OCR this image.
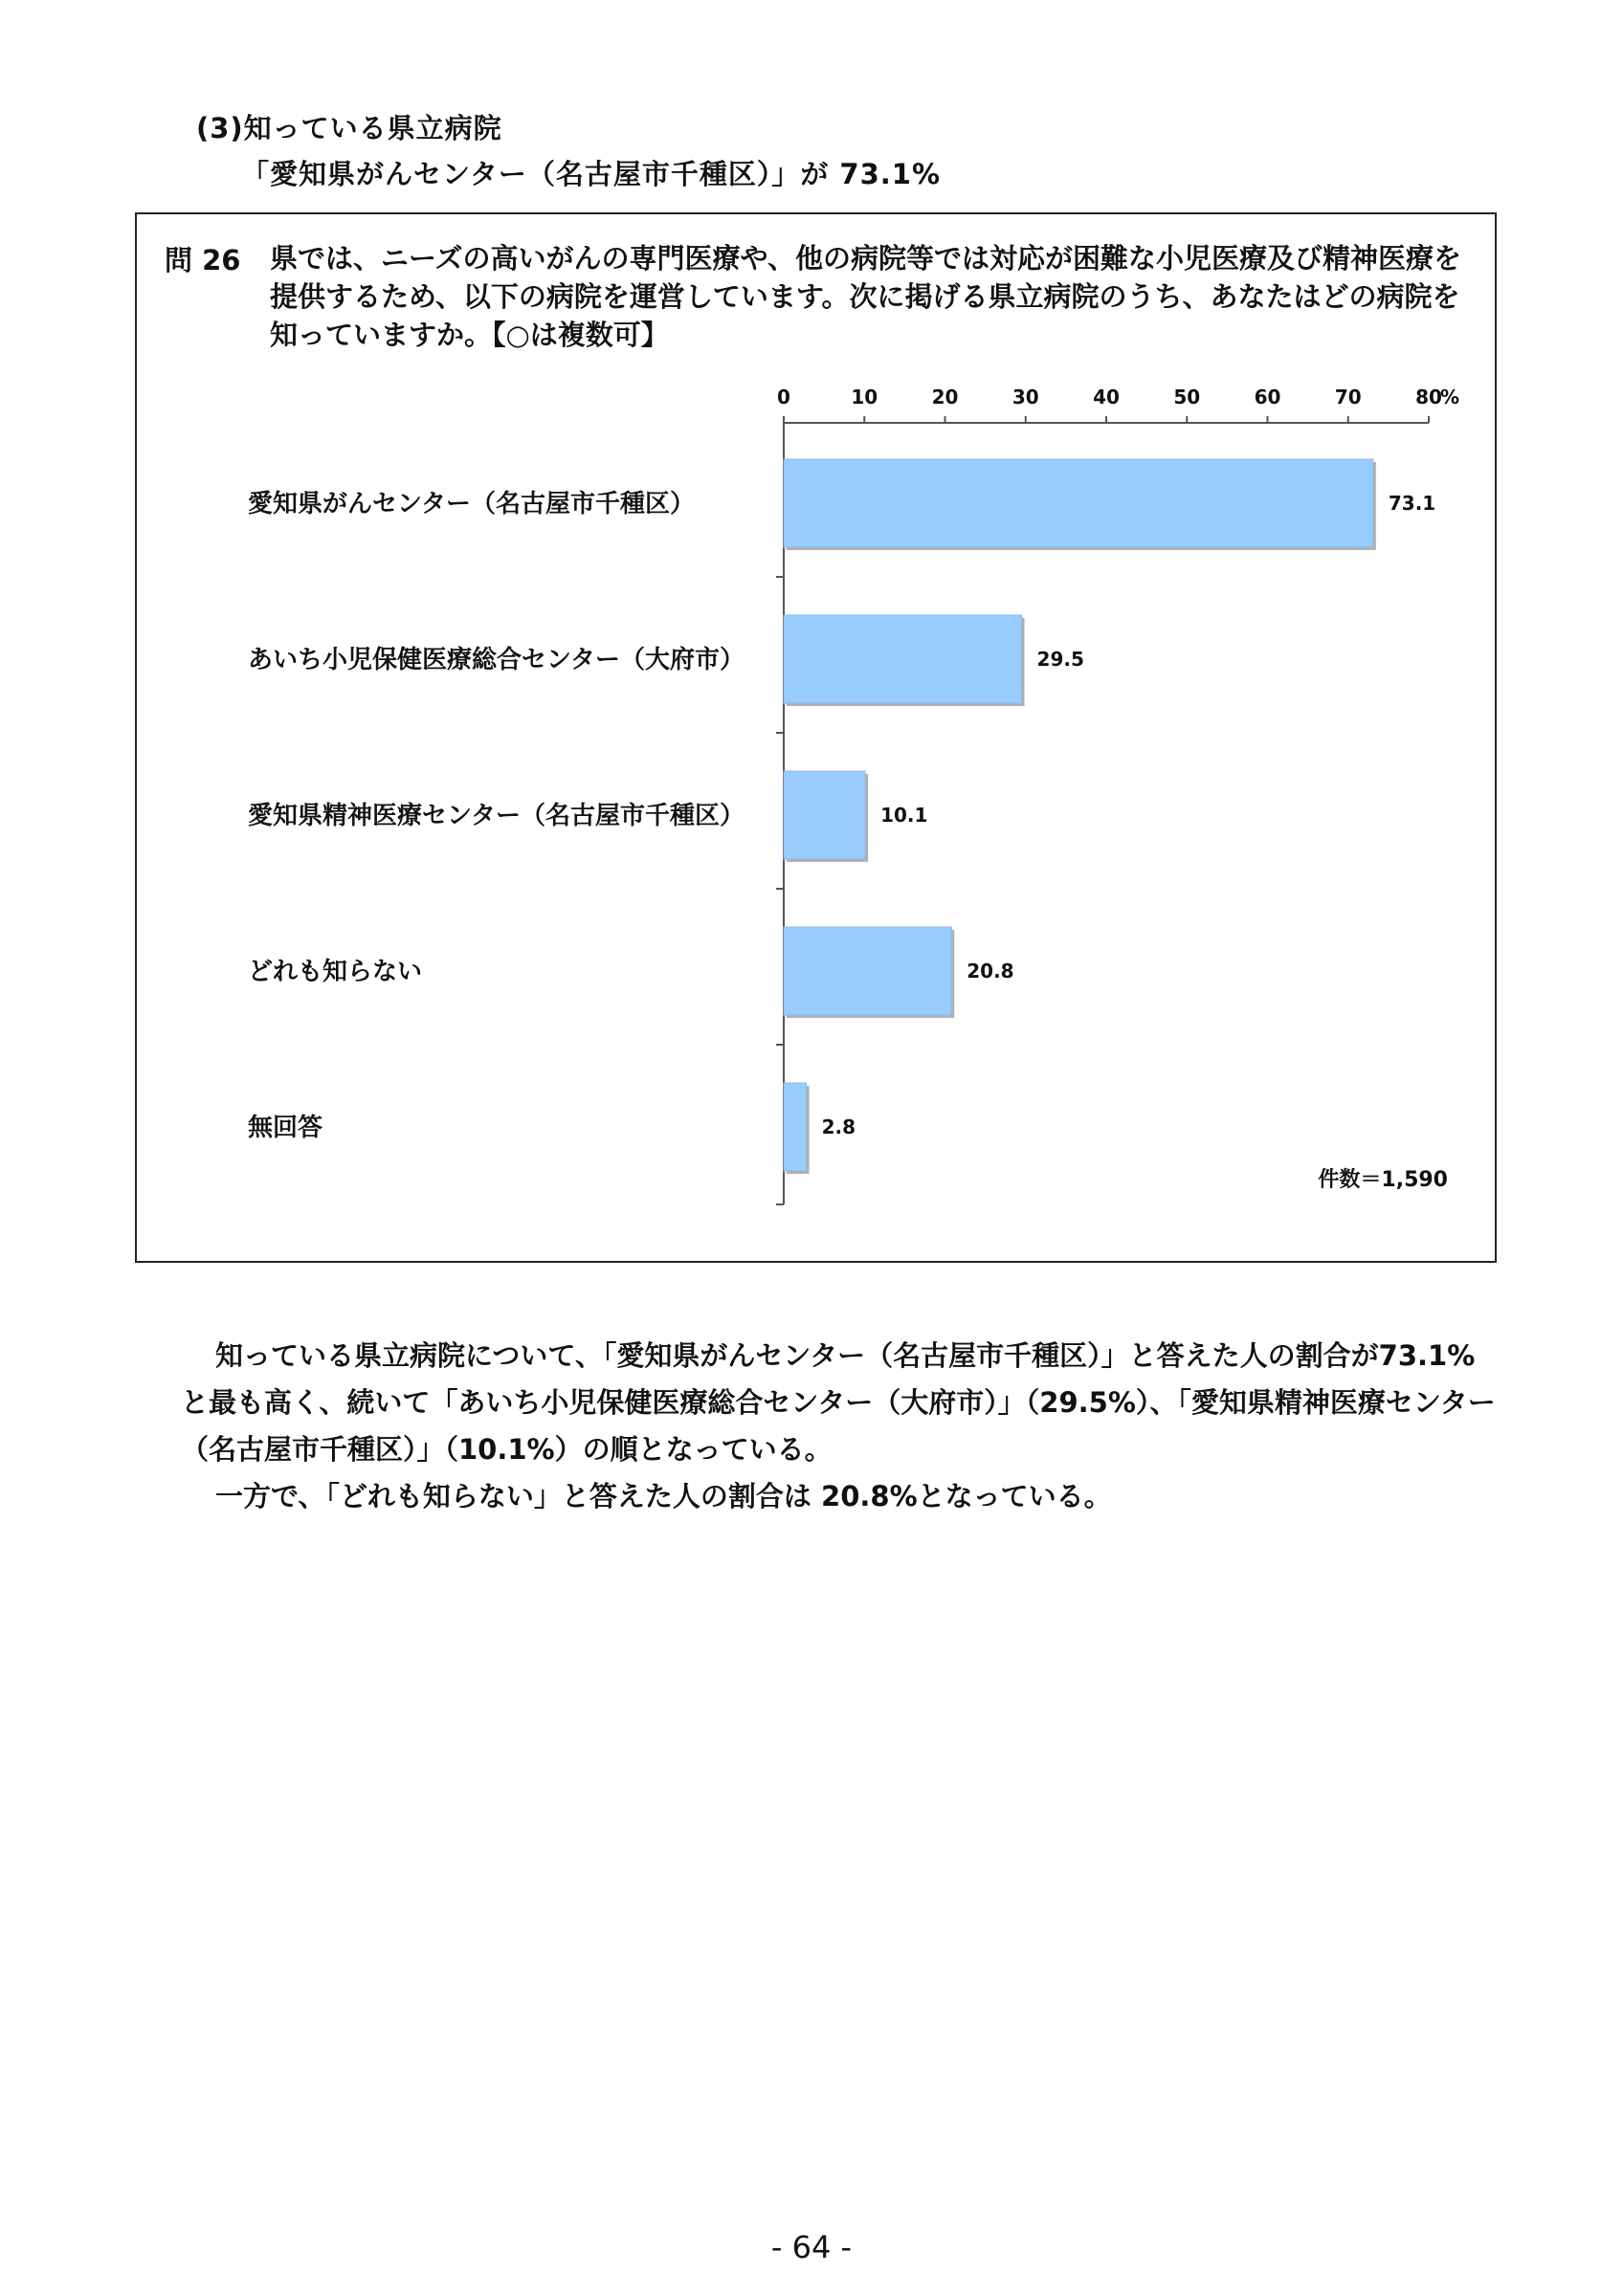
(3)知っている県立病院
「愛知県がんセンター（名古屋市千種区）」が 73.1%
問 26 県では、ニーズの高いがんの専門医療や、他の病院等では対応が困難な小児医療及び精神医療を提供するため、以下の病院を運営しています。次に掲げる県立病院のうち、あなたはどの病院を知っていますか。【○は複数可】
0	10	20	30	40	50	60	70	80
73.1
愛知県がんセンター（名古屋市千種区）
29.5
あいち小児保健医療総合センター（大府市）
10.1
愛知県精神医療センター（名古屋市千種区）
20.8
どれも知らない
2.8
無回答
%
件数＝1,590

知っている県立病院について、「愛知県がんセンター（名古屋市千種区）」と答えた人の割合が73.1%と最も高く、続いて「あいち小児保健医療総合センター（大府市）」（29.5%）、「愛知県精神医療センター（名古屋市千種区）」（10.1%）の順となっている。

一方で、「どれも知らない」と答えた人の割合は 20.8%となっている。

- 64 -
